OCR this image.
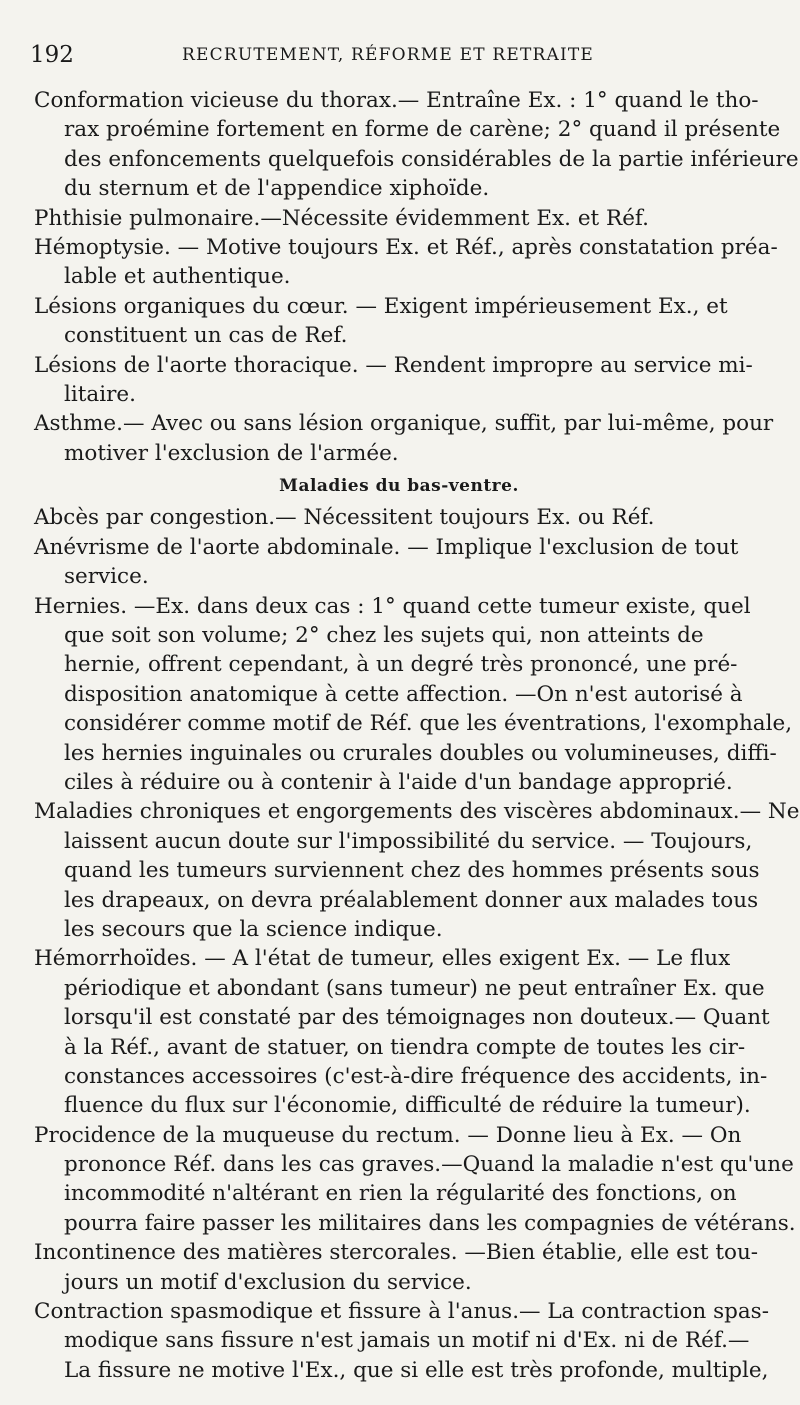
192	RECRUTEMENT, RÉFORME ET RETRAITE
Conformation vicieuse du thorax.— Entraîne Ex. : 1° quand le tho-
rax proémine fortement en forme de carène; 2° quand il présente
des enfoncements quelquefois considérables de la partie inférieure
du sternum et de l'appendice xiphoïde.
Phthisie pulmonaire.—Nécessite évidemment Ex. et Réf.
Hémoptysie. — Motive toujours Ex. et Réf., après constatation préa-
lable et authentique.
Lésions organiques du cœur. — Exigent impérieusement Ex., et
constituent un cas de Ref.
Lésions de l'aorte thoracique. — Rendent impropre au service mi-
litaire.
Asthme.— Avec ou sans lésion organique, suffit, par lui-même, pour
motiver l'exclusion de l'armée.
Maladies du bas-ventre.
Abcès par congestion.— Nécessitent toujours Ex. ou Réf.
Anévrisme de l'aorte abdominale. — Implique l'exclusion de tout
service.
Hernies. —Ex. dans deux cas : 1° quand cette tumeur existe, quel
que soit son volume; 2° chez les sujets qui, non atteints de
hernie, offrent cependant, à un degré très prononcé, une pré-
disposition anatomique à cette affection. —On n'est autorisé à
considérer comme motif de Réf. que les éventrations, l'exomphale,
les hernies inguinales ou crurales doubles ou volumineuses, diffi-
ciles à réduire ou à contenir à l'aide d'un bandage approprié.
Maladies chroniques et engorgements des viscères abdominaux.— Ne
laissent aucun doute sur l'impossibilité du service. — Toujours,
quand les tumeurs surviennent chez des hommes présents sous
les drapeaux, on devra préalablement donner aux malades tous
les secours que la science indique.
Hémorrhoïdes. — A l'état de tumeur, elles exigent Ex. — Le flux
périodique et abondant (sans tumeur) ne peut entraîner Ex. que
lorsqu'il est constaté par des témoignages non douteux.— Quant
à la Réf., avant de statuer, on tiendra compte de toutes les cir-
constances accessoires (c'est-à-dire fréquence des accidents, in-
fluence du flux sur l'économie, difficulté de réduire la tumeur).
Procidence de la muqueuse du rectum. — Donne lieu à Ex. — On
prononce Réf. dans les cas graves.—Quand la maladie n'est qu'une
incommodité n'altérant en rien la régularité des fonctions, on
pourra faire passer les militaires dans les compagnies de vétérans.
Incontinence des matières stercorales. —Bien établie, elle est tou-
jours un motif d'exclusion du service.
Contraction spasmodique et fissure à l'anus.— La contraction spas-
modique sans fissure n'est jamais un motif ni d'Ex. ni de Réf.—
La fissure ne motive l'Ex., que si elle est très profonde, multiple,
